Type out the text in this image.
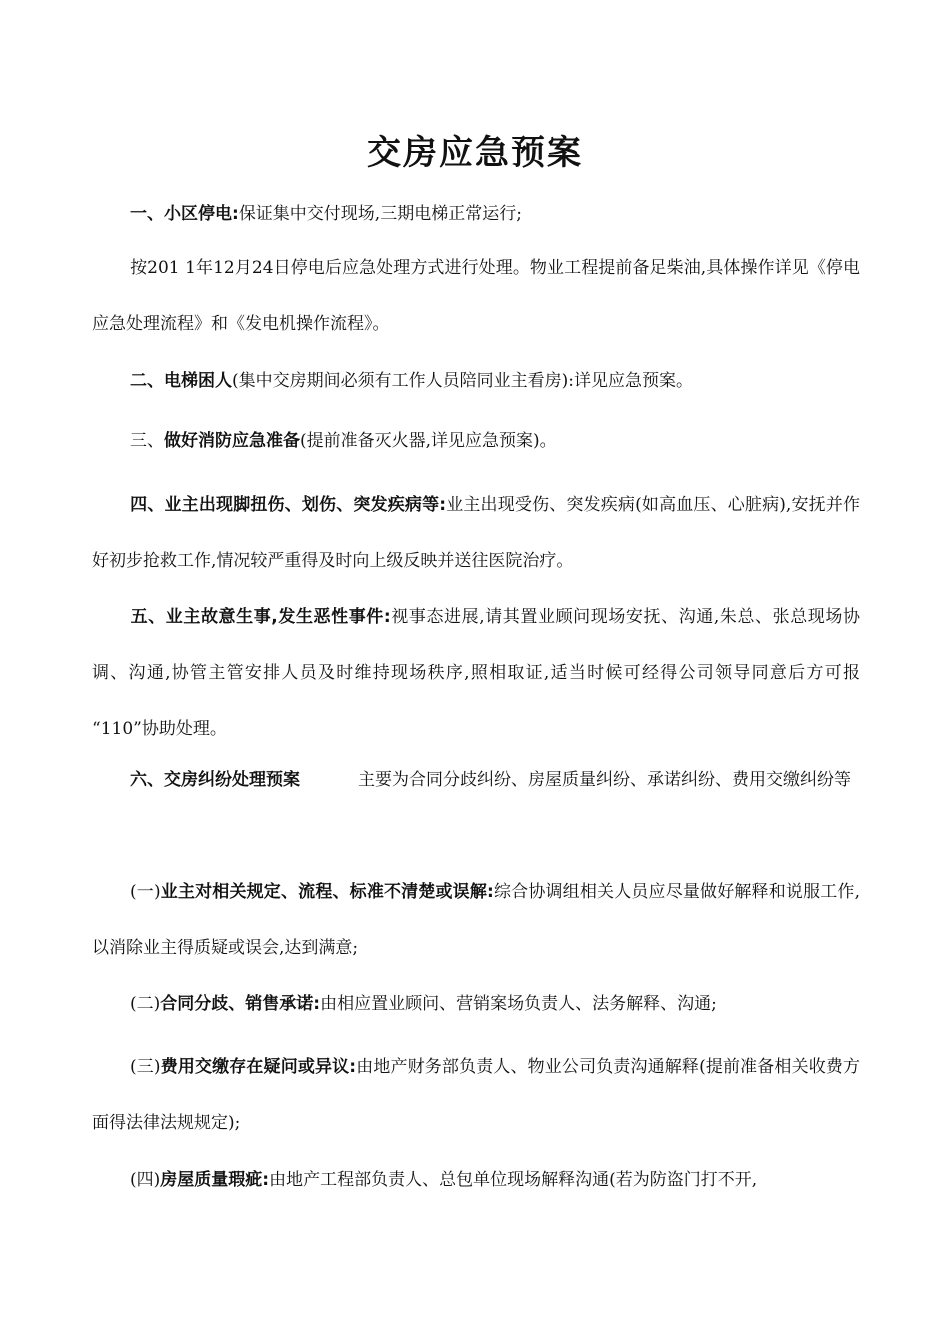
交房应急预案

一、小区停电:保证集中交付现场,三期电梯正常运行;

按201 1年12月24日停电后应急处理方式进行处理。物业工程提前备足柴油,具体操作详见《停电应急处理流程》和《发电机操作流程》。

二、电梯困人(集中交房期间必须有工作人员陪同业主看房):详见应急预案。

三、做好消防应急准备(提前准备灭火器,详见应急预案)。

四、业主出现脚扭伤、划伤、突发疾病等:业主出现受伤、突发疾病(如高血压、心脏病),安抚并作好初步抢救工作,情况较严重得及时向上级反映并送往医院治疗。

五、业主故意生事,发生恶性事件:视事态进展,请其置业顾问现场安抚、沟通,朱总、张总现场协调、沟通,协管主管安排人员及时维持现场秩序,照相取证,适当时候可经得公司领导同意后方可报 “110”协助处理。

六、交房纠纷处理预案	主要为合同分歧纠纷、房屋质量纠纷、承诺纠纷、费用交缴纠纷等

(一)业主对相关规定、流程、标准不清楚或误解:综合协调组相关人员应尽量做好解释和说服工作,以消除业主得质疑或误会,达到满意;

(二)合同分歧、销售承诺:由相应置业顾问、营销案场负责人、法务解释、沟通;

(三)费用交缴存在疑问或异议:由地产财务部负责人、物业公司负责沟通解释(提前准备相关收费方面得法律法规规定);

(四)房屋质量瑕疵:由地产工程部负责人、总包单位现场解释沟通(若为防盗门打不开,
